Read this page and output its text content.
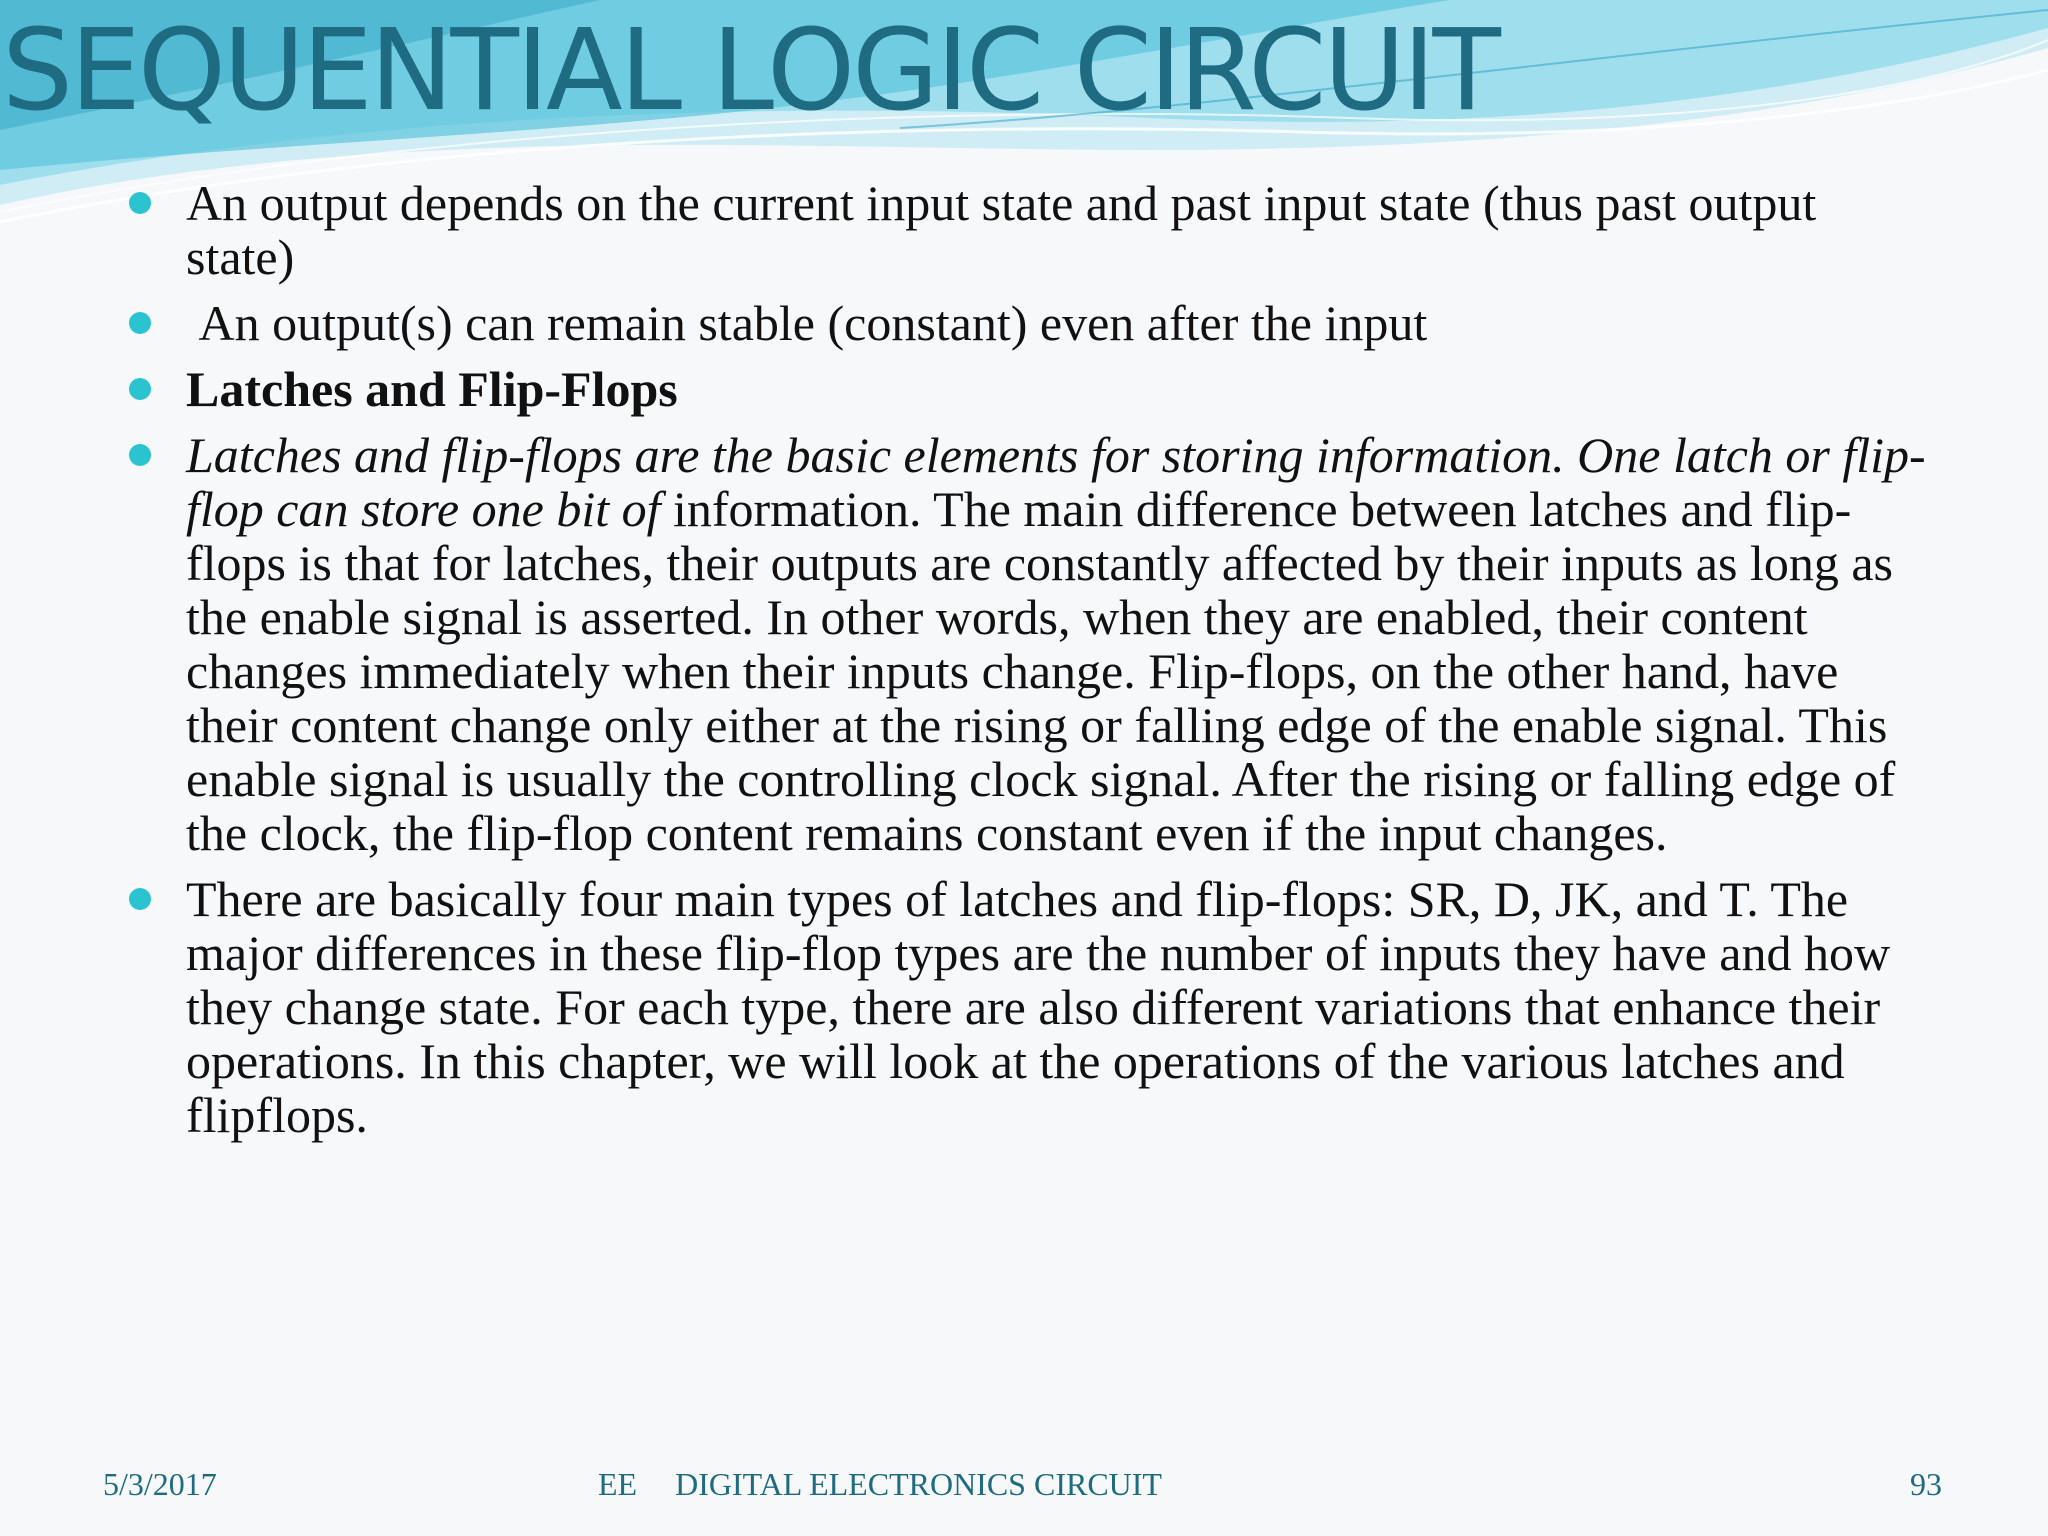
SEQUENTIAL LOGIC CIRCUIT
An output depends on the current input state and past input state (thus past output state)
An output(s) can remain stable (constant) even after the input
Latches and Flip-Flops
Latches and flip-flops are the basic elements for storing information. One latch or flip-flop can store one bit of information. The main difference between latches and flip-flops is that for latches, their outputs are constantly affected by their inputs as long as the enable signal is asserted. In other words, when they are enabled, their content changes immediately when their inputs change. Flip-flops, on the other hand, have their content change only either at the rising or falling edge of the enable signal. This enable signal is usually the controlling clock signal. After the rising or falling edge of the clock, the flip-flop content remains constant even if the input changes.
There are basically four main types of latches and flip-flops: SR, D, JK, and T. The major differences in these flip-flop types are the number of inputs they have and how they change state. For each type, there are also different variations that enhance their operations. In this chapter, we will look at the operations of the various latches and flipflops.
5/3/2017	EE DIGITAL ELECTRONICS CIRCUIT	93
